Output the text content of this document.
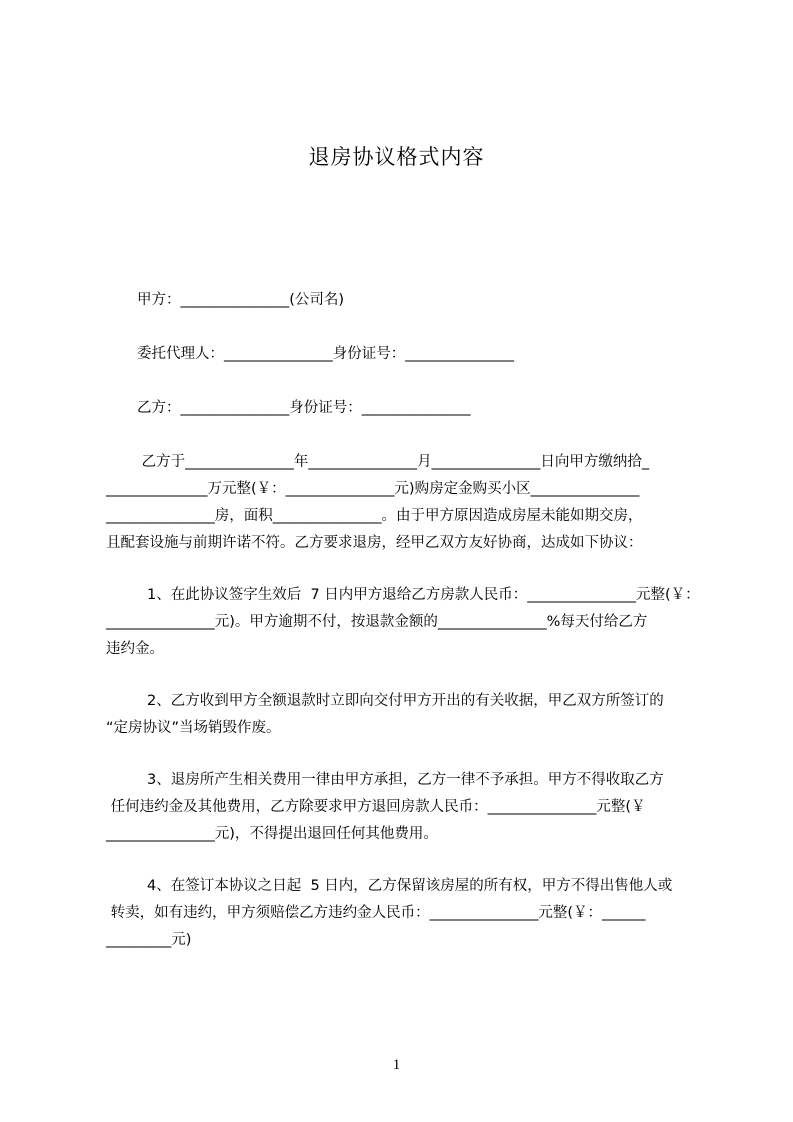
退房协议格式内容

甲方：_______________(公司名)

委托代理人：_______________身份证号：_______________

乙方：_______________身份证号：_______________

乙方于_______________年_______________月_______________日向甲方缴纳拾_

______________万元整(￥：_______________元)购房定金购买小区_______________

_______________房，面积_______________。由于甲方原因造成房屋未能如期交房，

且配套设施与前期许诺不符。乙方要求退房，经甲乙双方友好协商，达成如下协议：

1、在此协议签字生效后  7 日内甲方退给乙方房款人民币：_______________元整(￥：

_______________元)。甲方逾期不付，按退款金额的_______________%每天付给乙方

违约金。

2、乙方收到甲方全额退款时立即向交付甲方开出的有关收据，甲乙双方所签订的

“定房协议”当场销毁作废。

3、退房所产生相关费用一律由甲方承担，乙方一律不予承担。甲方不得收取乙方

任何违约金及其他费用，乙方除要求甲方退回房款人民币：_______________元整(￥

_______________元)，不得提出退回任何其他费用。

4、在签订本协议之日起  5 日内，乙方保留该房屋的所有权，甲方不得出售他人或

转卖，如有违约，甲方须赔偿乙方违约金人民币：_______________元整(￥：______

_________元)

1
